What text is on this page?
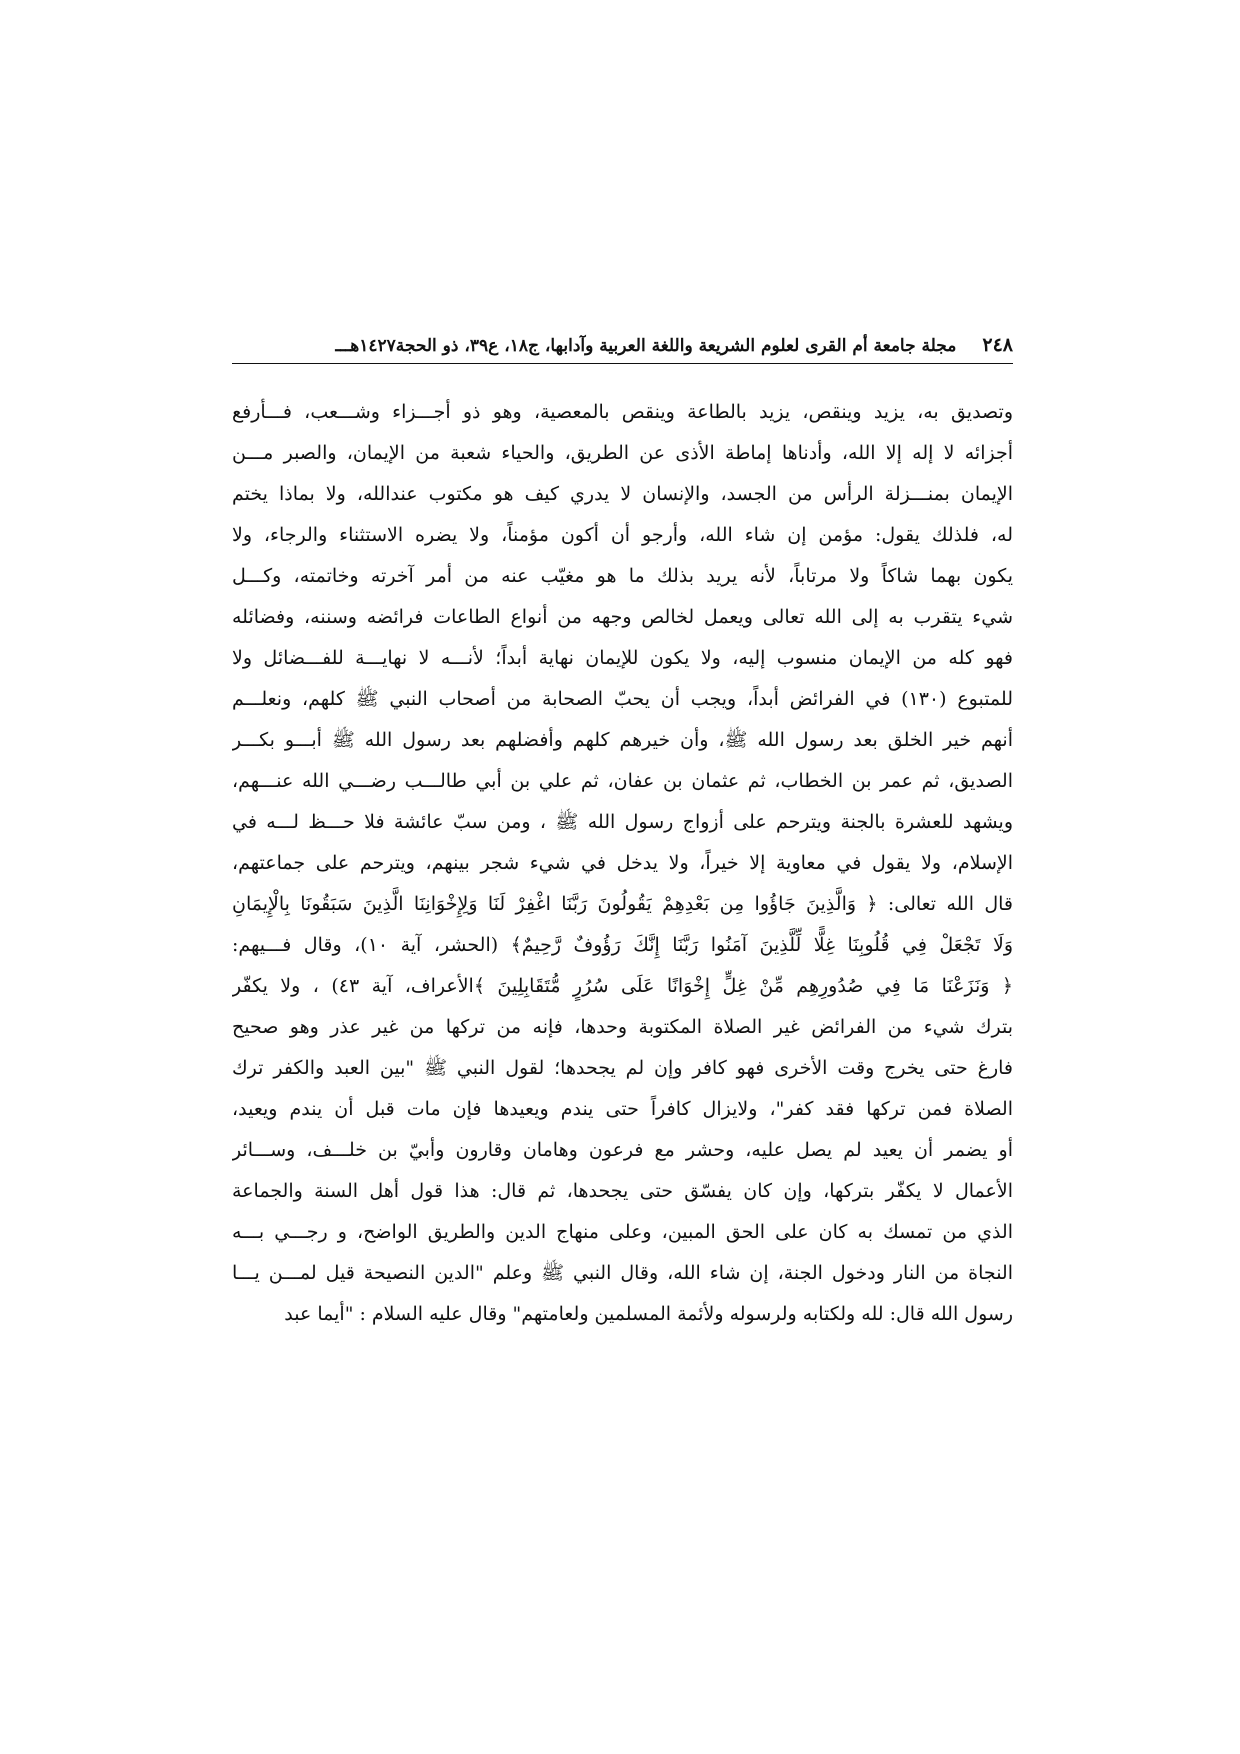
٢٤٨
مجلة جامعة أم القرى لعلوم الشريعة واللغة العربية وآدابها، ج١٨، ع٣٩، ذو الحجة١٤٢٧هـــ
وتصديق به، يزيد وينقص، يزيد بالطاعة وينقص بالمعصية، وهو ذو أجـــزاء وشـــعب، فـــأرفع
أجزائه لا إله إلا الله، وأدناها إماطة الأذى عن الطريق، والحياء شعبة من الإيمان، والصبر مـــن
الإيمان بمنـــزلة الرأس من الجسد، والإنسان لا يدري كيف هو مكتوب عندالله، ولا بماذا يختم
له، فلذلك يقول: مؤمن إن شاء الله، وأرجو أن أكون مؤمناً، ولا يضره الاستثناء والرجاء، ولا
يكون بهما شاكاً ولا مرتاباً، لأنه يريد بذلك ما هو مغيّب عنه من أمر آخرته وخاتمته، وكـــل
شيء يتقرب به إلى الله تعالى ويعمل لخالص وجهه من أنواع الطاعات فرائضه وسننه، وفضائله
فهو كله من الإيمان منسوب إليه، ولا يكون للإيمان نهاية أبداً؛ لأنـــه لا نهايـــة للفـــضائل ولا
للمتبوع (١٣٠) في الفرائض أبداً، ويجب أن يحبّ الصحابة من أصحاب النبي ﷺ كلهم، ونعلـــم
أنهم خير الخلق بعد رسول الله ﷺ، وأن خيرهم كلهم وأفضلهم بعد رسول الله ﷺ أبـــو بكـــر
الصديق، ثم عمر بن الخطاب، ثم عثمان بن عفان، ثم علي بن أبي طالـــب رضـــي الله عنـــهم،
ويشهد للعشرة بالجنة ويترحم على أزواج رسول الله ﷺ ، ومن سبّ عائشة فلا حـــظ لـــه في
الإسلام، ولا يقول في معاوية إلا خيراً، ولا يدخل في شيء شجر بينهم، ويترحم على جماعتهم،
قال الله تعالى: ﴿ وَالَّذِينَ جَاؤُوا مِن بَعْدِهِمْ يَقُولُونَ رَبَّنَا اغْفِرْ لَنَا وَلِإِخْوَانِنَا الَّذِينَ سَبَقُونَا بِالْإِيمَانِ
وَلَا تَجْعَلْ فِي قُلُوبِنَا غِلًّا لِّلَّذِينَ آمَنُوا رَبَّنَا إِنَّكَ رَؤُوفٌ رَّحِيمٌ﴾ (الحشر، آية ١٠)، وقال فـــيهم:
﴿ وَنَزَعْنَا مَا فِي صُدُورِهِم مِّنْ غِلٍّ إِخْوَانًا عَلَى سُرُرٍ مُّتَقَابِلِينَ ﴾الأعراف، آية ٤٣) ، ولا يكفّر
بترك شيء من الفرائض غير الصلاة المكتوبة وحدها، فإنه من تركها من غير عذر وهو صحيح
فارغ حتى يخرج وقت الأخرى فهو كافر وإن لم يجحدها؛ لقول النبي ﷺ "بين العبد والكفر ترك
الصلاة فمن تركها فقد كفر"، ولايزال كافراً حتى يندم ويعيدها فإن مات قبل أن يندم ويعيد،
أو يضمر أن يعيد لم يصل عليه، وحشر مع فرعون وهامان وقارون وأبيّ بن خلـــف، وســـائر
الأعمال لا يكفّر بتركها، وإن كان يفسّق حتى يجحدها، ثم قال: هذا قول أهل السنة والجماعة
الذي من تمسك به كان على الحق المبين، وعلى منهاج الدين والطريق الواضح، و رجـــي بـــه
النجاة من النار ودخول الجنة، إن شاء الله، وقال النبي ﷺ وعلم "الدين النصيحة قيل لمـــن يـــا
رسول الله قال: لله ولكتابه ولرسوله ولأئمة المسلمين ولعامتهم" وقال عليه السلام : "أيما عبد
